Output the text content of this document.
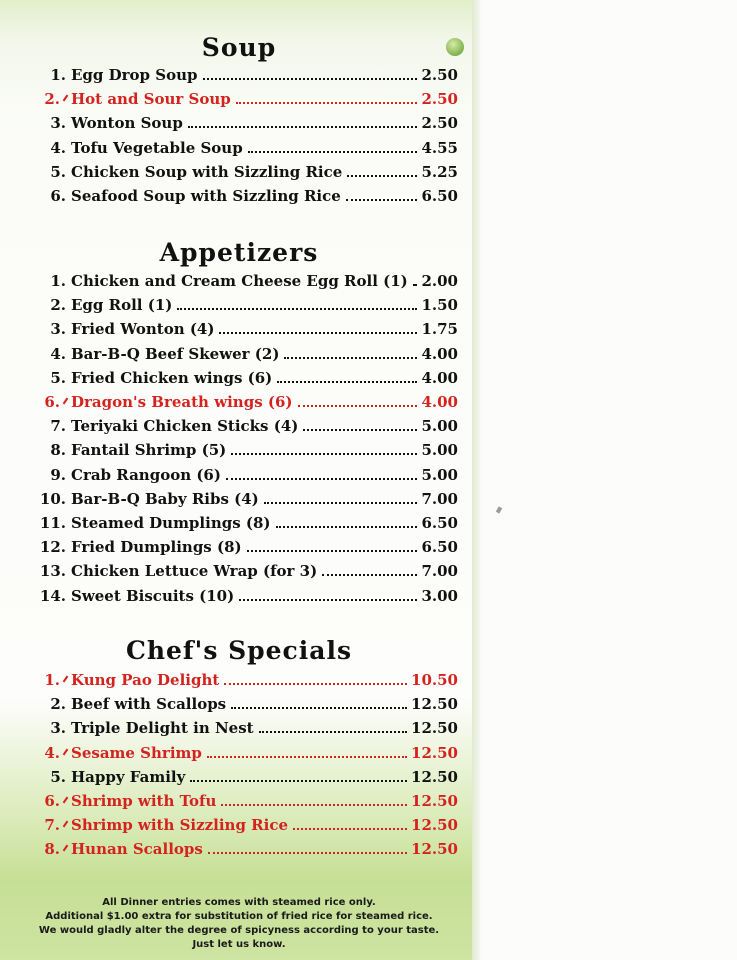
Soup
1. Egg Drop Soup	2.50
2. Hot and Sour Soup	2.50
3. Wonton Soup	2.50
4. Tofu Vegetable Soup	4.55
5. Chicken Soup with Sizzling Rice	5.25
6. Seafood Soup with Sizzling Rice	6.50
Appetizers
1. Chicken and Cream Cheese Egg Roll (1) 2.00
2. Egg Roll (1)	1.50
3. Fried Wonton (4)	1.75
4. Bar-B-Q Beef Skewer (2)	4.00
5. Fried Chicken wings (6)	4.00
6. Dragon's Breath wings (6)	4.00
7. Teriyaki Chicken Sticks (4)	5.00
8. Fantail Shrimp (5)	5.00
9. Crab Rangoon (6)	5.00
10. Bar-B-Q Baby Ribs (4)	7.00
11. Steamed Dumplings (8)	6.50
12. Fried Dumplings (8)	6.50
13. Chicken Lettuce Wrap (for 3)	7.00
14. Sweet Biscuits (10)	3.00
Chef's Specials
1. Kung Pao Delight	10.50
2. Beef with Scallops	12.50
3. Triple Delight in Nest	12.50
4. Sesame Shrimp	12.50
5. Happy Family	12.50
6. Shrimp with Tofu	12.50
7. Shrimp with Sizzling Rice	12.50
8. Hunan Scallops	12.50
All Dinner entries comes with steamed rice only.
Additional $1.00 extra for substitution of fried rice for steamed rice.
We would gladly alter the degree of spicyness according to your taste.
Just let us know.
